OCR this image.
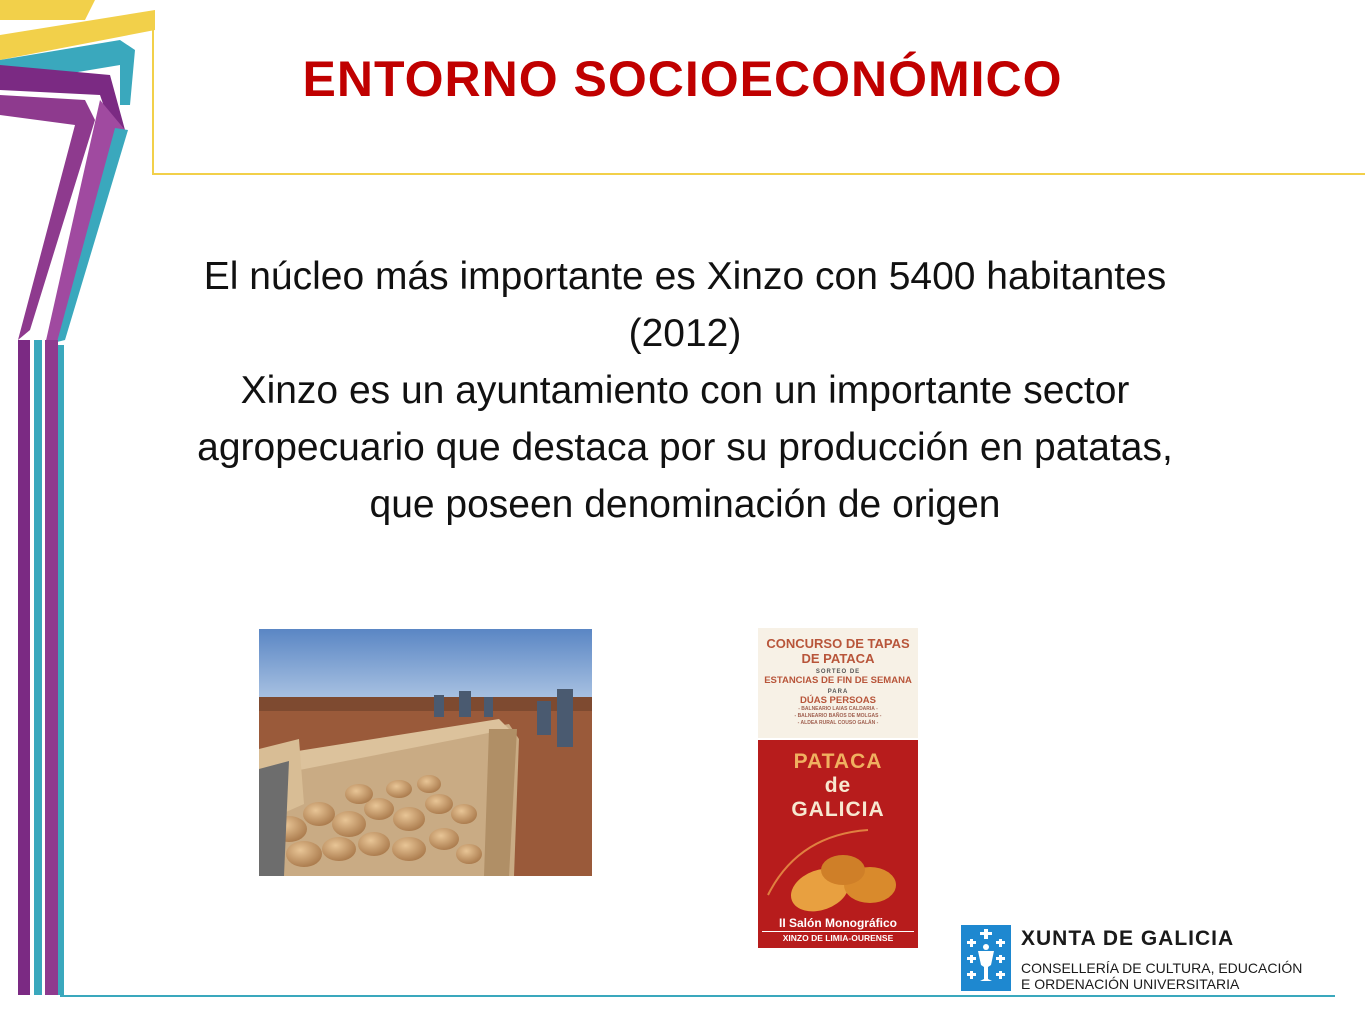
ENTORNO SOCIOECONÓMICO

El núcleo más importante es Xinzo con 5400 habitantes
(2012)
Xinzo es un ayuntamiento con un importante sector
agropecuario que destaca por su producción en patatas,
que poseen denominación de origen

CONCURSO DE TAPAS DE PATACA
SORTEO DE
ESTANCIAS DE FIN DE SEMANA
PARA
DÚAS PERSOAS
- BALNEARIO LAIAS CALDARIA -
- BALNEARIO BAÑOS DE MOLGAS -
- ALDEA RURAL COUSO GALÁN -
PATACA
de
GALICIA
II Salón Monográfico
XINZO DE LIMIA-OURENSE	XUNTA DE GALICIA

CONSELLERÍA DE CULTURA, EDUCACIÓN
E ORDENACIÓN UNIVERSITARIA
